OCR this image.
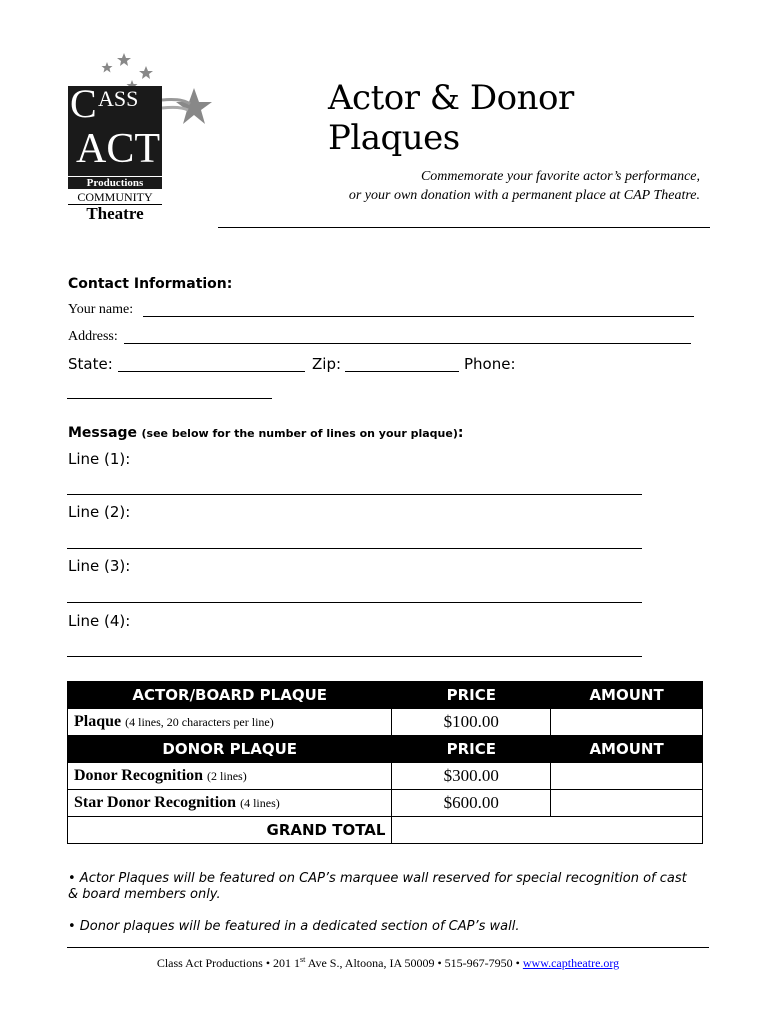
C ASS
ACT
Productions
COMMUNITY
Theatre
Actor & Donor Plaques
Commemorate your favorite actor’s performance,
or your own donation with a permanent place at CAP Theatre.
Contact Information:
Your name:
Address:
State:	Zip:	Phone:
Message (see below for the number of lines on your plaque):
Line (1):
Line (2):
Line (3):
Line (4):
ACTOR/BOARD PLAQUE	PRICE	AMOUNT
Plaque (4 lines, 20 characters per line)	$100.00	
DONOR PLAQUE	PRICE	AMOUNT
Donor Recognition (2 lines)	$300.00	
Star Donor Recognition (4 lines)	$600.00	
GRAND TOTAL		
• Actor Plaques will be featured on CAP’s marquee wall reserved for special recognition of cast & board members only.
• Donor plaques will be featured in a dedicated section of CAP’s wall.
Class Act Productions • 201 1st Ave S., Altoona, IA 50009 • 515-967-7950 • www.captheatre.org
